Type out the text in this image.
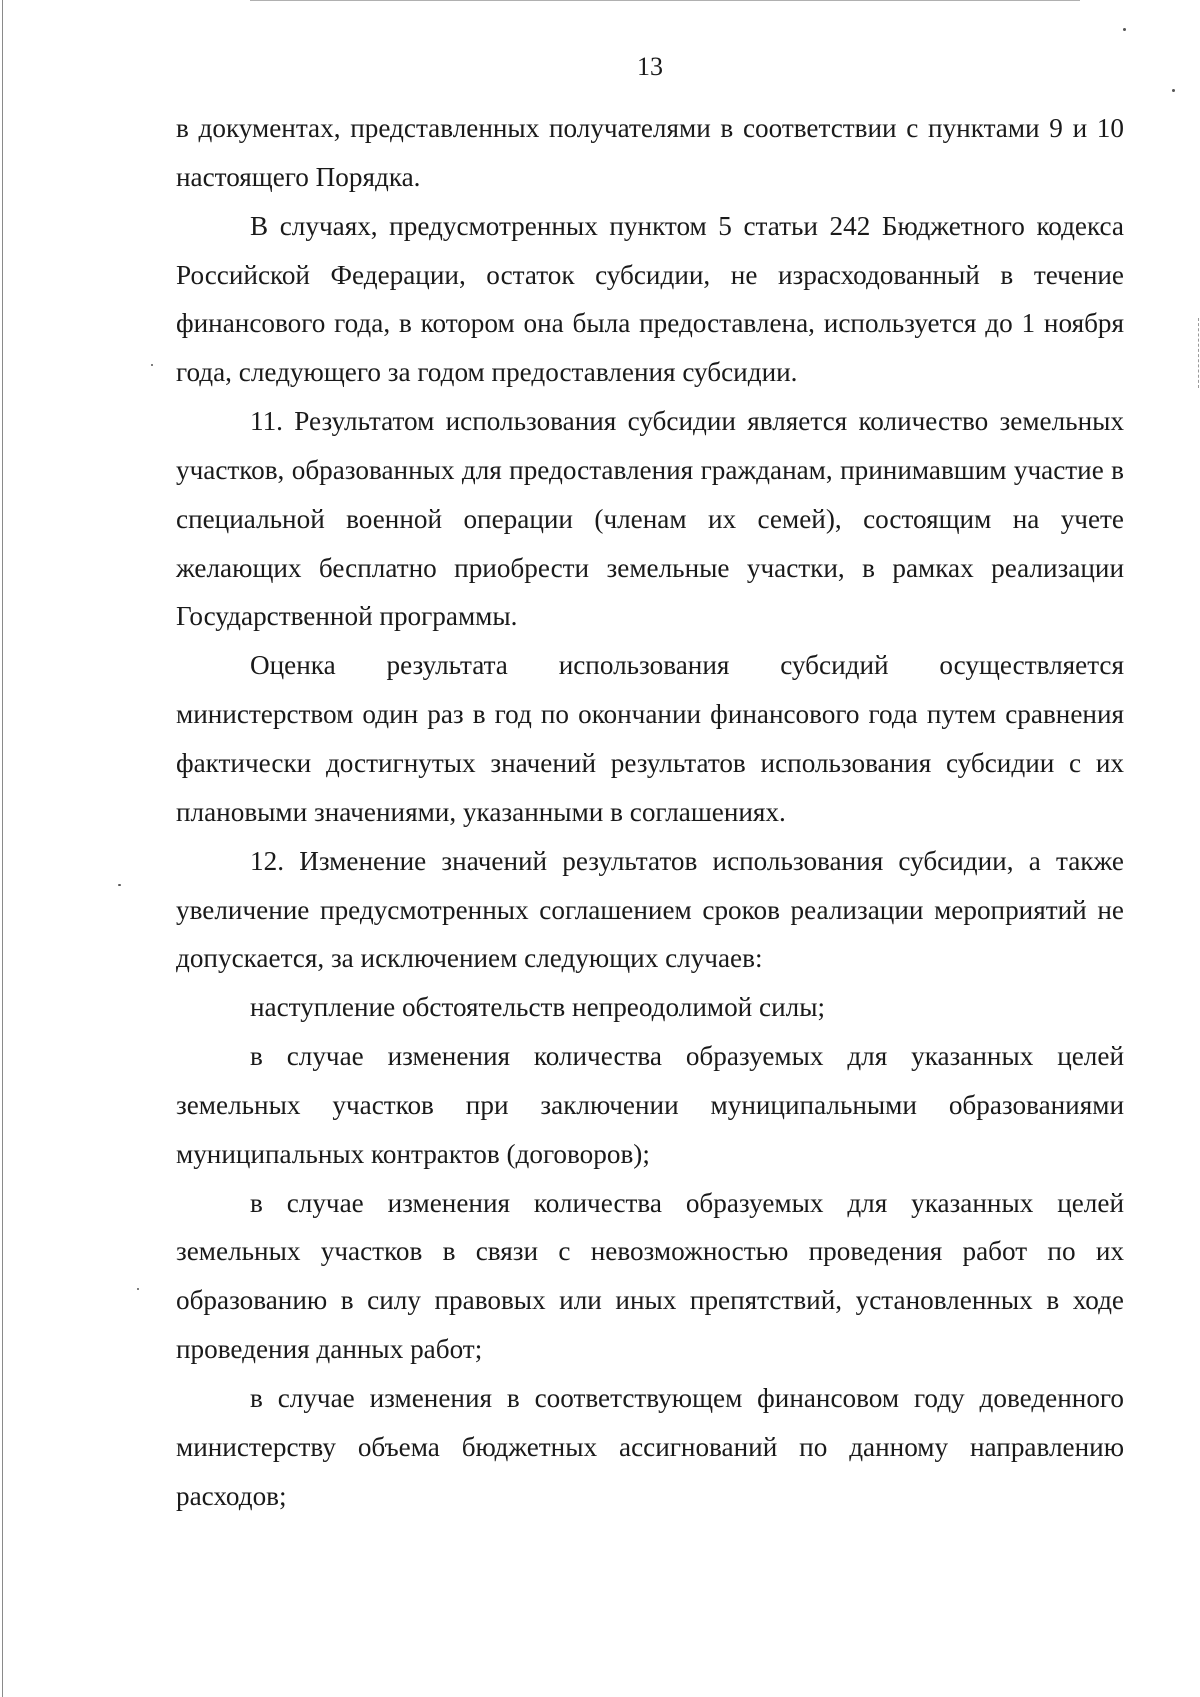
13

в документах, представленных получателями в соответствии с пунктами 9 и 10 настоящего Порядка.

В случаях, предусмотренных пунктом 5 статьи 242 Бюджетного кодекса Российской Федерации, остаток субсидии, не израсходованный в течение финансового года, в котором она была предоставлена, используется до 1 ноября года, следующего за годом предоставления субсидии.

11. Результатом использования субсидии является количество земельных участков, образованных для предоставления гражданам, принимавшим участие в специальной военной операции (членам их семей), состоящим на учете желающих бесплатно приобрести земельные участки, в рамках реализации Государственной программы.

Оценка результата использования субсидий осуществляется министерством один раз в год по окончании финансового года путем сравнения фактически достигнутых значений результатов использования субсидии с их плановыми значениями, указанными в соглашениях.

12. Изменение значений результатов использования субсидии, а также увеличение предусмотренных соглашением сроков реализации мероприятий не допускается, за исключением следующих случаев:

наступление обстоятельств непреодолимой силы;

в случае изменения количества образуемых для указанных целей земельных участков при заключении муниципальными образованиями муниципальных контрактов (договоров);

в случае изменения количества образуемых для указанных целей земельных участков в связи с невозможностью проведения работ по их образованию в силу правовых или иных препятствий, установленных в ходе проведения данных работ;

в случае изменения в соответствующем финансовом году доведенного министерству объема бюджетных ассигнований по данному направлению расходов;
